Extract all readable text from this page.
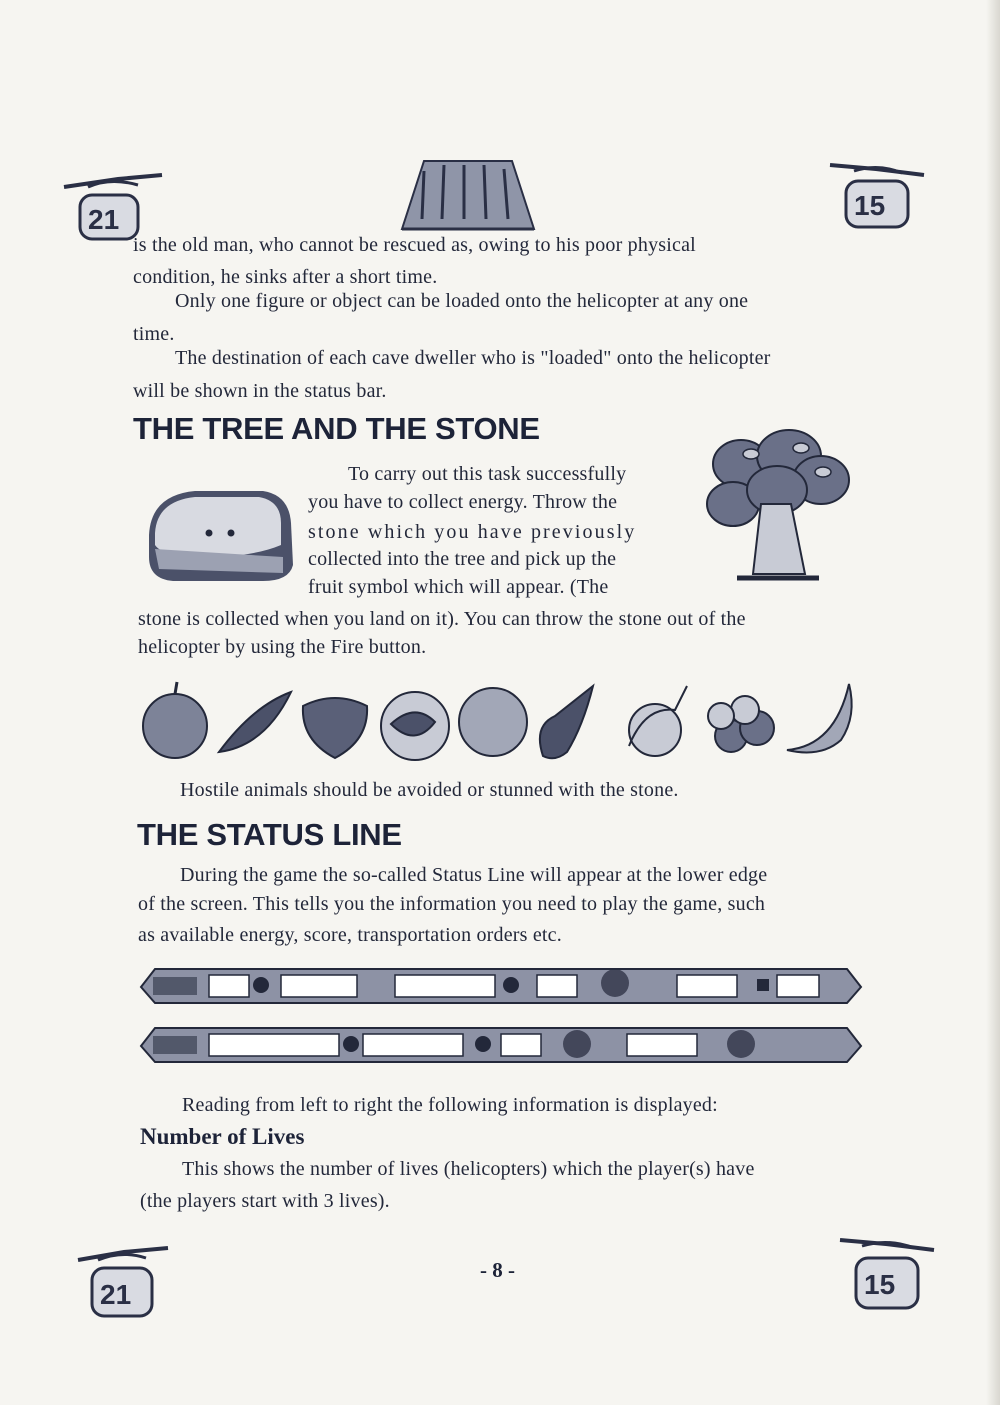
21	15
is the old man, who cannot be rescued as, owing to his poor physical
condition, he sinks after a short time.
Only one figure or object can be loaded onto the helicopter at any one
time.
The destination of each cave dweller who is "loaded" onto the helicopter
will be shown in the status bar.
THE TREE AND THE STONE
To carry out this task successfully
you have to collect energy. Throw the
stone which you have previously
collected into the tree and pick up the
fruit symbol which will appear. (The
stone is collected when you land on it). You can throw the stone out of the
helicopter by using the Fire button.
Hostile animals should be avoided or stunned with the stone.
THE STATUS LINE
During the game the so-called Status Line will appear at the lower edge
of the screen. This tells you the information you need to play the game, such
as available energy, score, transportation orders etc.
Reading from left to right the following information is displayed:
Number of Lives
This shows the number of lives (helicopters) which the player(s) have
(the players start with 3 lives).
21
- 8 -	15
